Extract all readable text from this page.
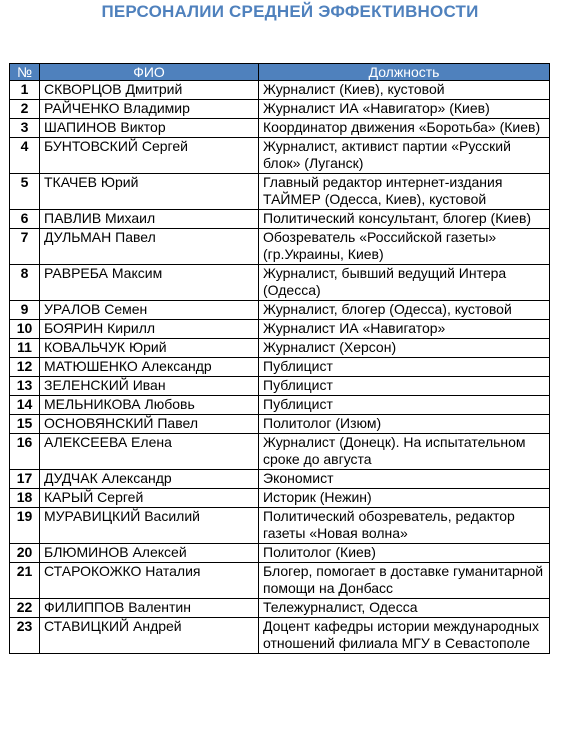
ПЕРСОНАЛИИ СРЕДНЕЙ ЭФФЕКТИВНОСТИ
№	ФИО	Должность
1	СКВОРЦОВ Дмитрий	Журналист (Киев), кустовой
2	РАЙЧЕНКО Владимир	Журналист ИА «Навигатор» (Киев)
3	ШАПИНОВ Виктор	Координатор движения «Боротьба» (Киев)
4	БУНТОВСКИЙ Сергей	Журналист, активист партии «Русский блок» (Луганск)
5	ТКАЧЕВ Юрий	Главный редактор интернет-издания ТАЙМЕР (Одесса, Киев), кустовой
6	ПАВЛИВ Михаил	Политический консультант, блогер (Киев)
7	ДУЛЬМАН Павел	Обозреватель «Российской газеты» (гр.Украины, Киев)
8	РАВРЕБА Максим	Журналист, бывший ведущий Интера (Одесса)
9	УРАЛОВ Семен	Журналист, блогер (Одесса), кустовой
10	БОЯРИН Кирилл	Журналист ИА «Навигатор»
11	КОВАЛЬЧУК Юрий	Журналист (Херсон)
12	МАТЮШЕНКО Александр	Публицист
13	ЗЕЛЕНСКИЙ Иван	Публицист
14	МЕЛЬНИКОВА Любовь	Публицист
15	ОСНОВЯНСКИЙ Павел	Политолог (Изюм)
16	АЛЕКСЕЕВА Елена	Журналист (Донецк). На испытательном сроке до августа
17	ДУДЧАК Александр	Экономист
18	КАРЫЙ Сергей	Историк (Нежин)
19	МУРАВИЦКИЙ Василий	Политический обозреватель, редактор газеты «Новая волна»
20	БЛЮМИНОВ Алексей	Политолог (Киев)
21	СТАРОКОЖКО Наталия	Блогер, помогает в доставке гуманитарной помощи на Донбасс
22	ФИЛИППОВ Валентин	Тележурналист, Одесса
23	СТАВИЦКИЙ Андрей	Доцент кафедры истории международных отношений филиала МГУ в Севастополе
